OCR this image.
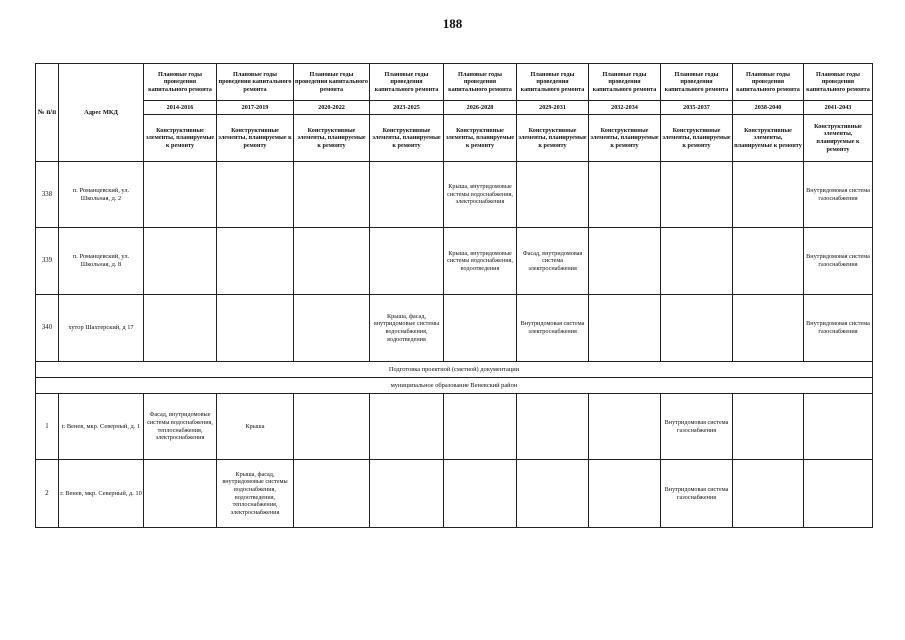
188
№ п/п	Адрес МКД	Плановые годы проведения капитального ремонта	Плановые годы проведения капитального ремонта	Плановые годы проведения капитального ремонта	Плановые годы проведения капитального ремонта	Плановые годы проведения капитального ремонта	Плановые годы проведения капитального ремонта	Плановые годы проведения капитального ремонта	Плановые годы проведения капитального ремонта	Плановые годы проведения капитального ремонта	Плановые годы проведения капитального ремонта
		2014-2016	2017-2019	2020-2022	2023-2025	2026-2028	2029-2031	2032-2034	2035-2037	2038-2040	2041-2043
		Конструктивные элементы, планируемые к ремонту	Конструктивные элементы, планируемые к ремонту	Конструктивные элементы, планируемые к ремонту	Конструктивные элементы, планируемые к ремонту	Конструктивные элементы, планируемые к ремонту	Конструктивные элементы, планируемые к ремонту	Конструктивные элементы, планируемые к ремонту	Конструктивные элементы, планируемые к ремонту	Конструктивные элементы, планируемые к ремонту	Конструктивные элементы, планируемые к ремонту
338	п. Романцевский, ул. Школьная, д. 2					Крыша, внутридомовые системы водоснабжения, электроснабжения					Внутридомовая система газоснабжения
339	п. Романцевский, ул. Школьная, д. 8					Крыша, внутридомовые системы водоснабжения, водоотведения	Фасад, внутридомовая система электроснабжения				Внутридомовая система газоснабжения
340	хутор Шахтерский, д 17				Крыша, фасад, внутридомовые системы водоснабжения, водоотведения		Внутридомовая система электроснабжения				Внутридомовая система газоснабжения
Подготовка проектной (сметной) документации											
муниципальное образование Веневский район											
1	г. Венев, мкр. Северный, д. 1	Фасад, внутридомовые системы водоснабжения, теплоснабжения, электроснабжения	Крыша						Внутридомовая система газоснабжения		
2	г. Венев, мкр. Северный, д. 10		Крыша, фасад, внутридомовые системы водоснабжения, водоотведения, теплоснабжения, электроснабжения						Внутридомовая система газоснабжения		
